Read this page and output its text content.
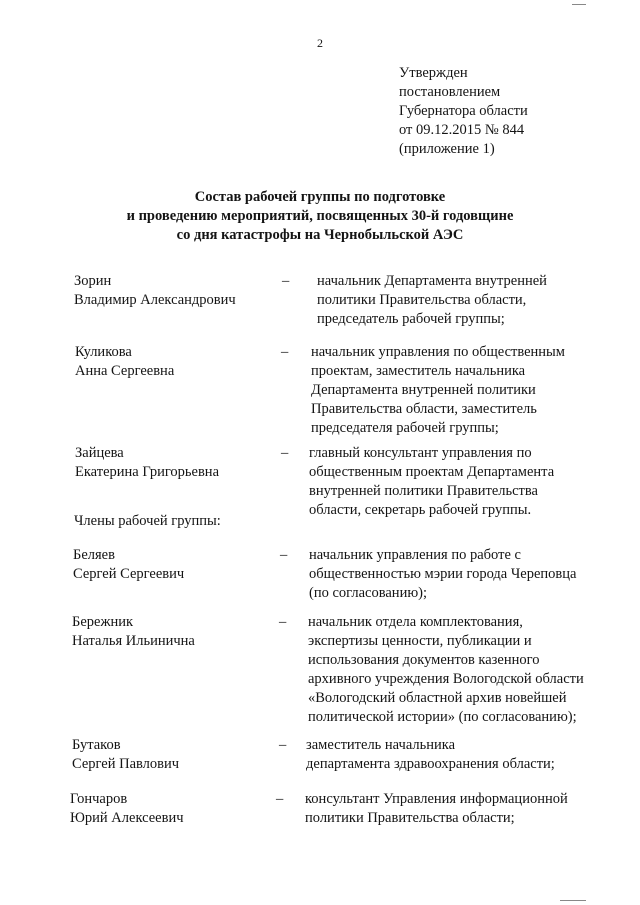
2
Утвержден
постановлением
Губернатора области
от 09.12.2015 № 844
(приложение 1)
Состав рабочей группы по подготовке
и проведению мероприятий, посвященных 30-й годовщине
со дня катастрофы на Чернобыльской АЭС
Зорин
Владимир Александрович
– начальник Департамента внутренней
политики Правительства области,
председатель рабочей группы;
Куликова
Анна Сергеевна
– начальник управления по общественным
проектам, заместитель начальника
Департамента внутренней политики
Правительства области, заместитель
председателя рабочей группы;
Зайцева
Екатерина Григорьевна
– главный консультант управления по
общественным проектам Департамента
внутренней политики Правительства
области, секретарь рабочей группы.
Члены рабочей группы:
Беляев
Сергей Сергеевич
– начальник управления по работе с
общественностью мэрии города Череповца
(по согласованию);
Бережник
Наталья Ильинична
– начальник отдела комплектования,
экспертизы ценности, публикации и
использования документов казенного
архивного учреждения Вологодской области
«Вологодский областной архив новейшей
политической истории» (по согласованию);
Бутаков
Сергей Павлович
– заместитель начальника
департамента здравоохранения области;
Гончаров
Юрий Алексеевич
– консультант Управления информационной
политики Правительства области;
